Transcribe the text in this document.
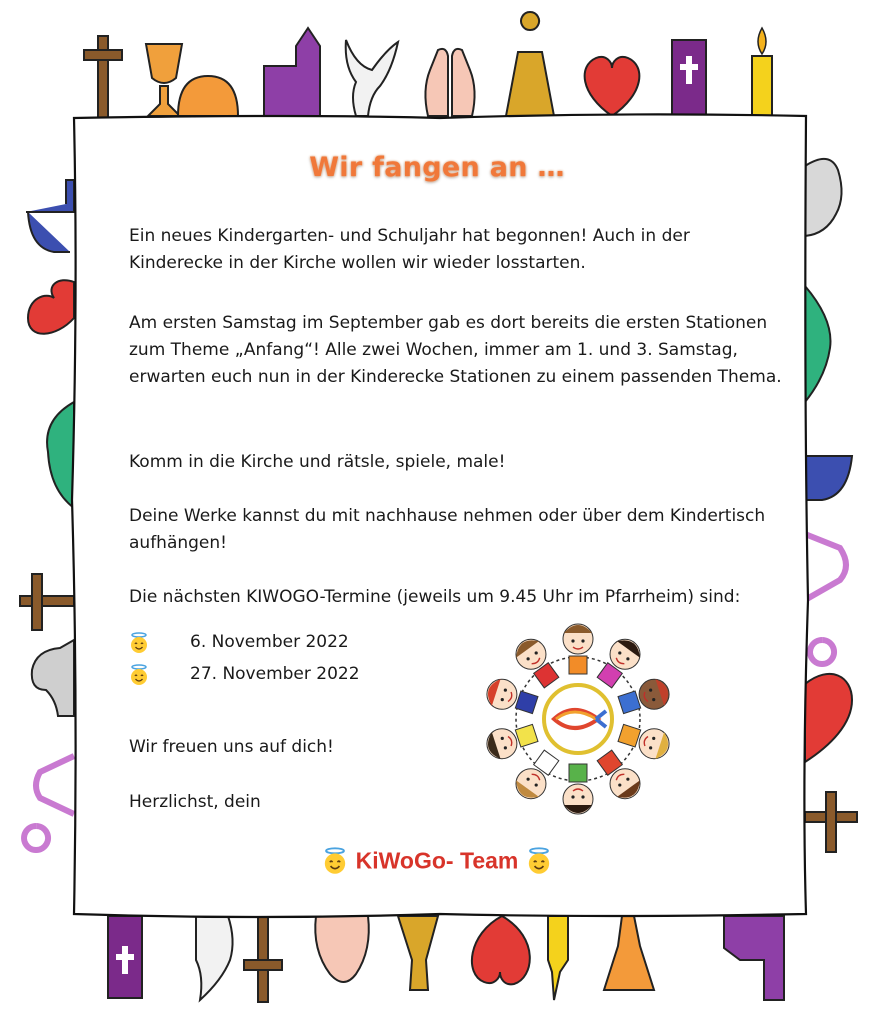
Wir fangen an …

Ein neues Kindergarten- und Schuljahr hat begonnen! Auch in der Kinderecke in der Kirche wollen wir wieder losstarten.

Am ersten Samstag im September gab es dort bereits die ersten Stationen zum Theme „Anfang“! Alle zwei Wochen, immer am 1. und 3. Samstag, erwarten euch nun in der Kinderecke Stationen zu einem passenden Thema.

Komm in die Kirche und rätsle, spiele, male!

Deine Werke kannst du mit nachhause nehmen oder über dem Kindertisch aufhängen!

Die nächsten KIWOGO-Termine (jeweils um 9.45 Uhr im Pfarrheim) sind:

6. November 2022
27. November 2022

Wir freuen uns auf dich!

Herzlichst, dein

KiWoGo- Team
